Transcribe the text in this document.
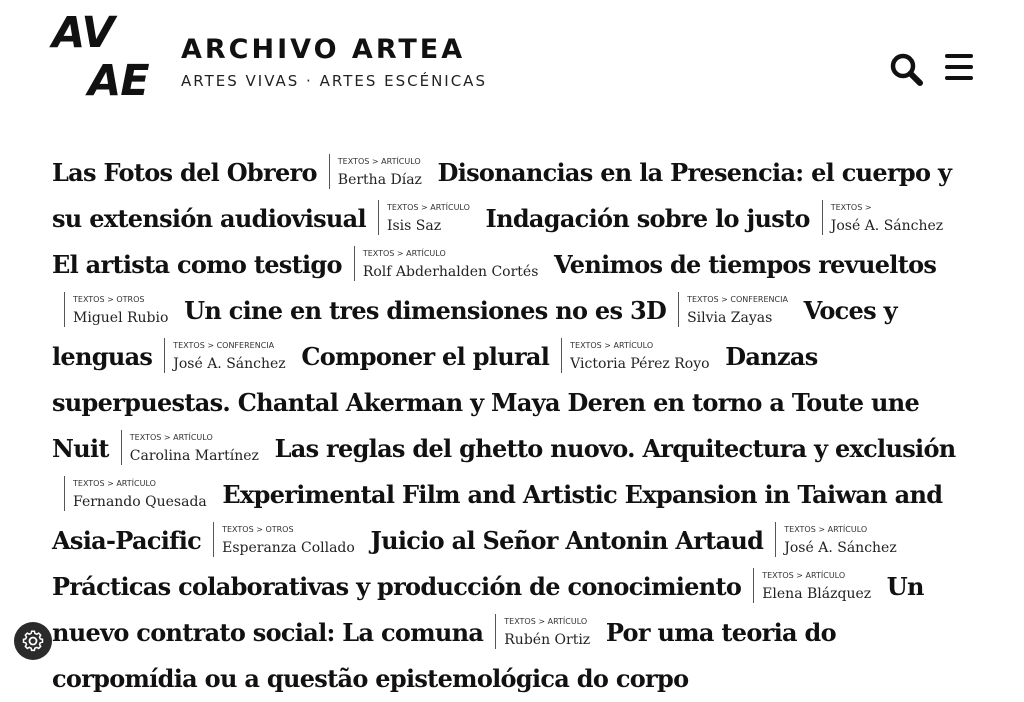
AV
AE
ARCHIVO ARTEA
ARTES VIVAS · ARTES ESCÉNICAS
Las Fotos del Obrero	TEXTOS > ARTÍCULO
Bertha Díaz Disonancias en la Presencia: el cuerpo y su extensión audiovisual	TEXTOS > ARTÍCULO
Isis Saz	Indagación sobre lo justo	TEXTOS >
José A. Sánchez
El artista como testigo	TEXTOS > ARTÍCULO
Rolf Abderhalden Cortés Venimos de tiempos revueltos
TEXTOS > OTROS
Miguel Rubio Un cine en tres dimensiones no es 3D	TEXTOS > CONFERENCIA
Silvia Zayas	Voces y lenguas	TEXTOS > CONFERENCIA
José A. Sánchez Componer el plural	TEXTOS > ARTÍCULO
Victoria Pérez Royo Danzas superpuestas. Chantal Akerman y Maya Deren en torno a Toute une Nuit	TEXTOS > ARTÍCULO
Carolina Martínez Las reglas del ghetto nuovo. Arquitectura y exclusión
TEXTOS > ARTÍCULO
Fernando Quesada Experimental Film and Artistic Expansion in Taiwan and Asia-Pacific	TEXTOS > OTROS
Esperanza Collado Juicio al Señor Antonin Artaud	TEXTOS > ARTÍCULO
José A. Sánchez
Prácticas colaborativas y producción de conocimiento	TEXTOS > ARTÍCULO
Elena Blázquez Un nuevo contrato social: La comuna	TEXTOS > ARTÍCULO
Rubén Ortiz Por uma teoria do corpomídia ou a questão epistemológica do corpo
